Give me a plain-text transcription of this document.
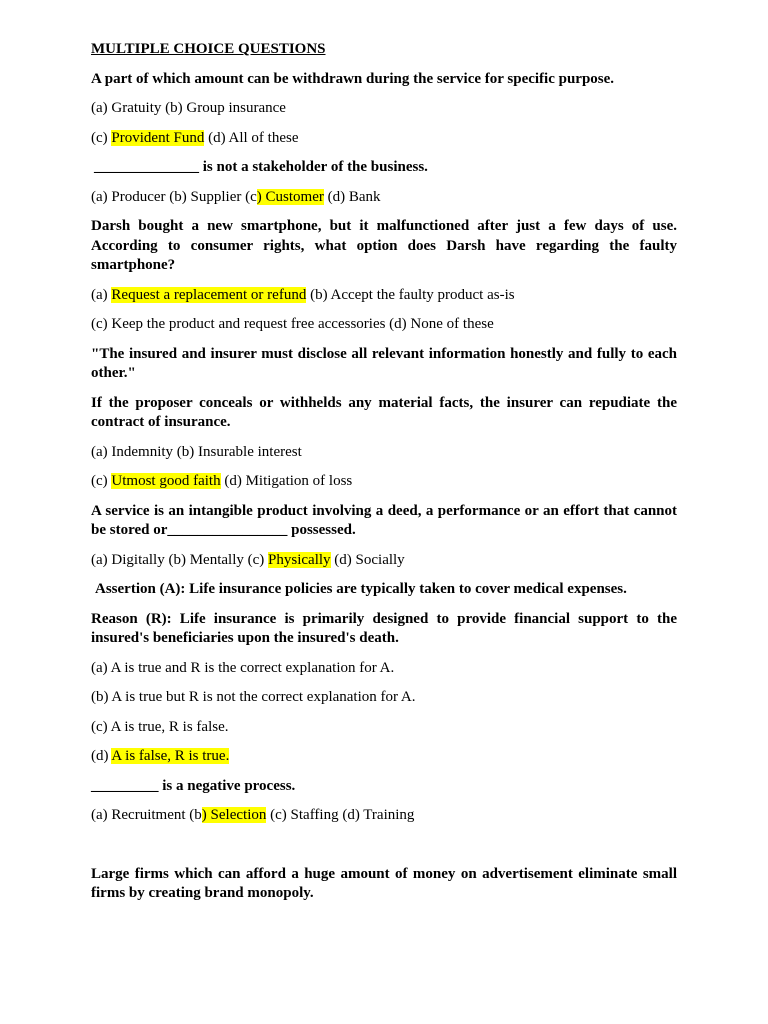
MULTIPLE CHOICE QUESTIONS
A part of which amount can be withdrawn during the service for specific purpose.
(a) Gratuity (b) Group insurance
(c) Provident Fund (d) All of these
______________ is not a stakeholder of the business.
(a) Producer (b) Supplier (c) Customer (d) Bank
Darsh bought a new smartphone, but it malfunctioned after just a few days of use. According to consumer rights, what option does Darsh have regarding the faulty smartphone?
(a) Request a replacement or refund (b) Accept the faulty product as-is
(c) Keep the product and request free accessories (d) None of these
"The insured and insurer must disclose all relevant information honestly and fully to each other."
If the proposer conceals or withhelds any material facts, the insurer can repudiate the contract of insurance.
(a) Indemnity (b) Insurable interest
(c) Utmost good faith (d) Mitigation of loss
A service is an intangible product involving a deed, a performance or an effort that cannot be stored or________________ possessed.
(a) Digitally (b) Mentally (c) Physically (d) Socially
Assertion (A): Life insurance policies are typically taken to cover medical expenses.
Reason (R): Life insurance is primarily designed to provide financial support to the insured's beneficiaries upon the insured's death.
(a) A is true and R is the correct explanation for A.
(b) A is true but R is not the correct explanation for A.
(c) A is true, R is false.
(d) A is false, R is true.
_________ is a negative process.
(a) Recruitment (b) Selection (c) Staffing (d) Training
Large firms which can afford a huge amount of money on advertisement eliminate small firms by creating brand monopoly.
